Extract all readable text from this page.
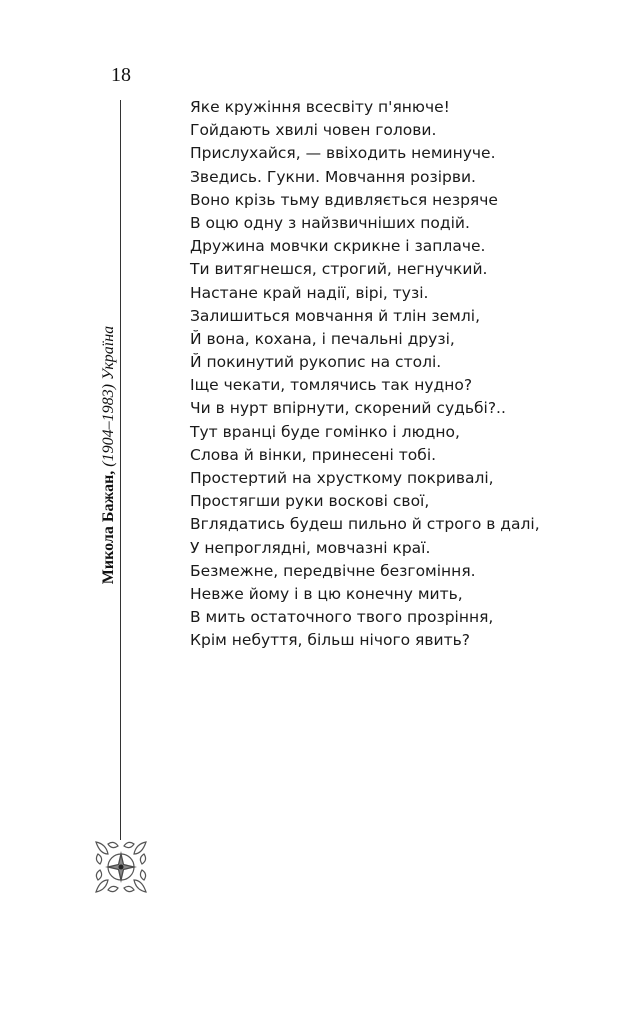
18
Микола Бажан, (1904–1983) Україна
Яке кружіння всесвіту п'янюче!
Гойдають хвилі човен голови.
Прислухайся, — ввіходить неминуче.
Зведись. Гукни. Мовчання розірви.
Воно крізь тьму вдивляється незряче
В оцю одну з найзвичніших подій.
Дружина мовчки скрикне і заплаче.
Ти витягнешся, строгий, негнучкий.
Настане край надії, вірі, тузі.
Залишиться мовчання й тлін землі,
Й вона, кохана, і печальні друзі,
Й покинутий рукопис на столі.
Іще чекати, томлячись так нудно?
Чи в нурт впірнути, скорений судьбі?..
Тут вранці буде гомінко і людно,
Слова й вінки, принесені тобі.
Простертий на хрусткому покривалі,
Простягши руки воскові свої,
Вглядатись будеш пильно й строго в далі,
У непроглядні, мовчазні краї.
Безмежне, передвічне безгоміння.
Невже йому і в цю конечну мить,
В мить остаточного твого прозріння,
Крім небуття, більш нічого явить?
